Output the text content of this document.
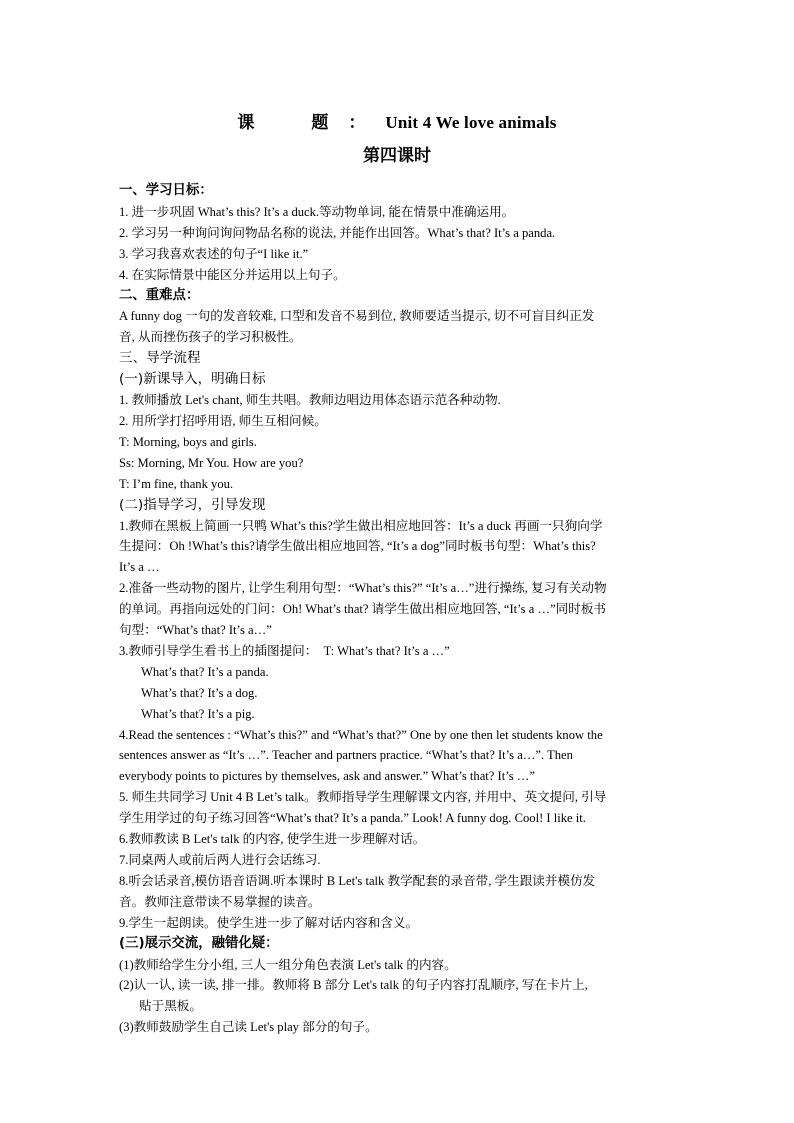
课　题：Unit 4 We love animals
第四课时
一、学习日标：
1. 进一步巩固 What’s this? It’s a duck.等动物单词, 能在情景中准确运用。
2. 学习另一种询问询问物品名称的说法, 并能作出回答。What’s that? It’s a panda.
3. 学习我喜欢表述的句子“I like it.”
4. 在实际情景中能区分并运用以上句子。
二、重难点：
A funny dog 一句的发音较难, 口型和发音不易到位, 教师要适当提示, 切不可盲目纠正发
音, 从而挫伤孩子的学习积极性。
三、导学流程
(一)新课导入，明确日标
1. 教师播放 Let's chant, 师生共唱。教师边唱边用体态语示范各种动物.
2. 用所学打招呼用语, 师生互相问候。
T: Morning, boys and girls.
Ss: Morning, Mr You. How are you?
T: I’m fine, thank you.
(二)指导学习，引导发现
1.教师在黑板上简画一只鸭 What’s this?学生做出相应地回答：It’s a duck 再画一只狗向学
生提问：Oh !What’s this?请学生做出相应地回答, “It’s a dog”同时板书句型：What’s this?
It’s a …
2.准备一些动物的图片, 让学生利用句型：“What’s this?” “It’s a…”进行操练, 复习有关动物
的单词。再指向远处的门问：Oh! What’s that? 请学生做出相应地回答, “It’s a …”同时板书
句型：“What’s that? It’s a…”
3.教师引导学生看书上的插图提问：　T: What’s that? It’s a …”
What’s that? It’s a panda.
What’s that? It’s a dog.
What’s that? It’s a pig.
4.Read the sentences : “What’s this?” and “What’s that?” One by one then let students know the
sentences answer as “It’s …”. Teacher and partners practice. “What’s that? It’s a…”. Then
everybody points to pictures by themselves, ask and answer.” What’s that? It’s …”
5. 师生共同学习 Unit 4 B Let’s talk。教师指导学生理解课文内容, 并用中、英文提问, 引导
学生用学过的句子练习回答“What’s that? It’s a panda.” Look! A funny dog. Cool! I like it.
6.教师教读 B Let's talk 的内容, 使学生进一步理解对话。
7.同桌两人或前后两人进行会话练习.
8.听会话录音,模仿语音语调.听本课时 B Let's talk 教学配套的录音带, 学生跟读并模仿发
音。教师注意带读不易掌握的读音。
9.学生一起朗读。使学生进一步了解对话内容和含义。
(三)展示交流，融错化疑：
(1)教师给学生分小组, 三人一组分角色表演 Let's talk 的内容。
(2)认一认, 读一读, 排一排。教师将 B 部分 Let's talk 的句子内容打乱顺序, 写在卡片上,
贴于黑板。
(3)教师鼓励学生自己读 Let's play 部分的句子。
